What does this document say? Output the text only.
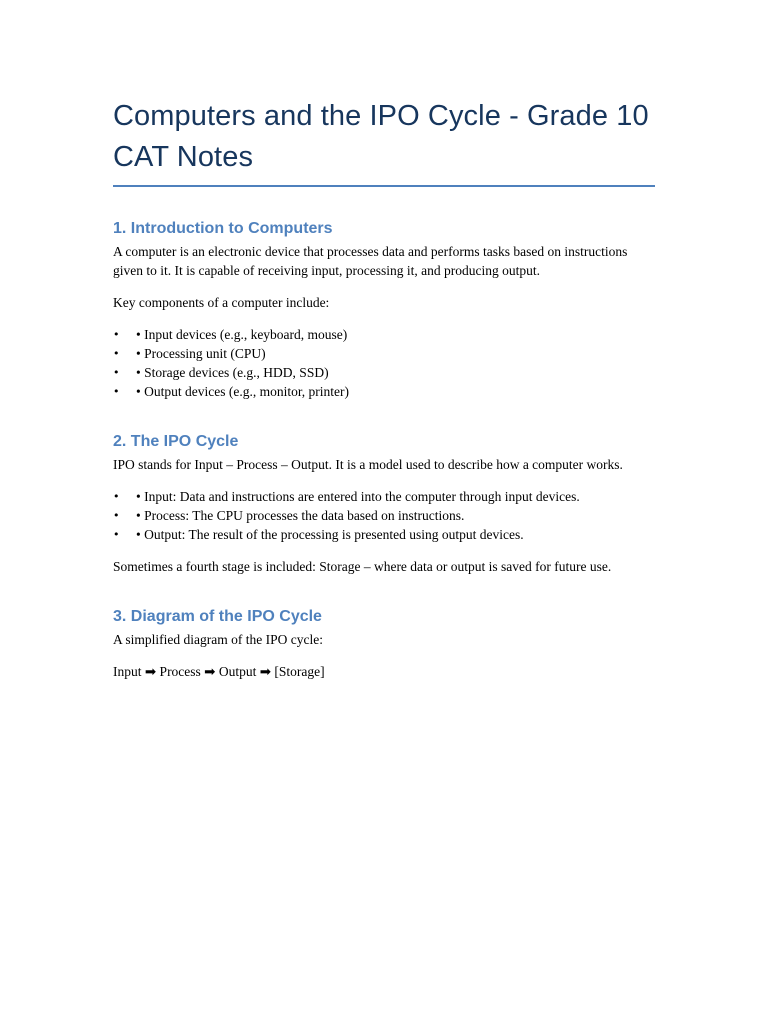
Computers and the IPO Cycle - Grade 10 CAT Notes
1. Introduction to Computers

A computer is an electronic device that processes data and performs tasks based on instructions given to it. It is capable of receiving input, processing it, and producing output.

Key components of a computer include:

• • Input devices (e.g., keyboard, mouse)
• • Processing unit (CPU)
• • Storage devices (e.g., HDD, SSD)
• • Output devices (e.g., monitor, printer)
2. The IPO Cycle

IPO stands for Input – Process – Output. It is a model used to describe how a computer works.

• • Input: Data and instructions are entered into the computer through input devices.
• • Process: The CPU processes the data based on instructions.
• • Output: The result of the processing is presented using output devices.

Sometimes a fourth stage is included: Storage – where data or output is saved for future use.

3. Diagram of the IPO Cycle

A simplified diagram of the IPO cycle:

Input ➡ Process ➡ Output ➡ [Storage]
